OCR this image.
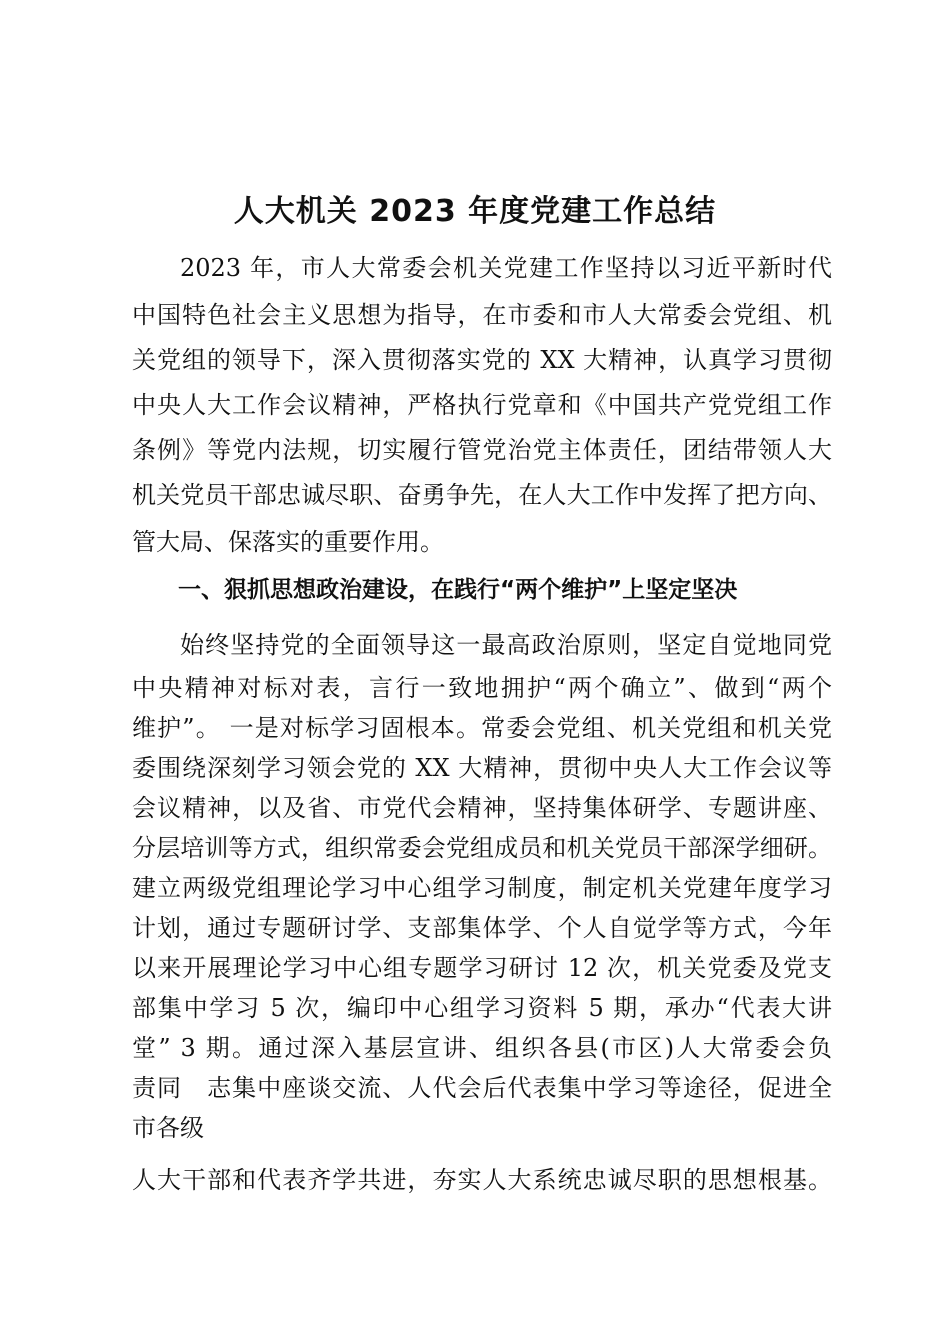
人大机关 2023 年度党建工作总结
2023 年，市人大常委会机关党建工作坚持以习近平新时代
中国特色社会主义思想为指导，在市委和市人大常委会党组、机
关党组的领导下，深入贯彻落实党的 XX 大精神，认真学习贯彻
中央人大工作会议精神，严格执行党章和《中国共产党党组工作
条例》等党内法规，切实履行管党治党主体责任，团结带领人大
机关党员干部忠诚尽职、奋勇争先，在人大工作中发挥了把方向、
管大局、保落实的重要作用。
一、狠抓思想政治建设，在践行“两个维护”上坚定坚决
始终坚持党的全面领导这一最高政治原则，坚定自觉地同党
中央精神对标对表，言行一致地拥护“两个确立”、做到“两个
维护”。 一是对标学习固根本。常委会党组、机关党组和机关党
委围绕深刻学习领会党的 XX 大精神，贯彻中央人大工作会议等
会议精神，以及省、市党代会精神，坚持集体研学、专题讲座、
分层培训等方式，组织常委会党组成员和机关党员干部深学细研。
建立两级党组理论学习中心组学习制度，制定机关党建年度学习
计划，通过专题研讨学、支部集体学、个人自觉学等方式，今年
以来开展理论学习中心组专题学习研讨 12 次，机关党委及党支
部集中学习 5 次，编印中心组学习资料 5 期，承办“代表大讲
堂” 3 期。通过深入基层宣讲、组织各县(市区)人大常委会负
责同　志集中座谈交流、人代会后代表集中学习等途径，促进全
市各级
人大干部和代表齐学共进，夯实人大系统忠诚尽职的思想根基。
